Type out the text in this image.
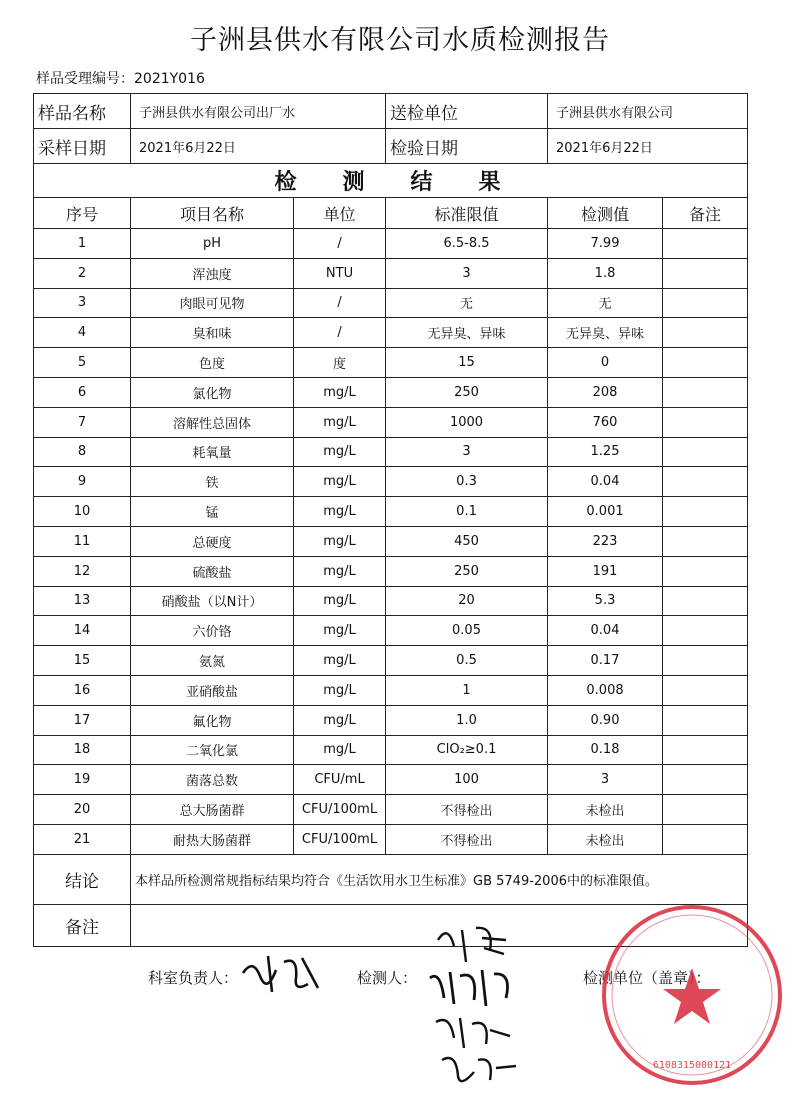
子洲县供水有限公司水质检测报告
样品受理编号：2021Y016
样品名称	子洲县供水有限公司出厂水		送检单位	子洲县供水有限公司	
采样日期	2021年6月22日		检验日期	2021年6月22日	
检测结果					
序号	项目名称	单位	标准限值	检测值	备注
1	pH	/	6.5-8.5	7.99	
2	浑浊度	NTU	3	1.8	
3	肉眼可见物	/	无	无	
4	臭和味	/	无异臭、异味	无异臭、异味	
5	色度	度	15	0	
6	氯化物	mg/L	250	208	
7	溶解性总固体	mg/L	1000	760	
8	耗氧量	mg/L	3	1.25	
9	铁	mg/L	0.3	0.04	
10	锰	mg/L	0.1	0.001	
11	总硬度	mg/L	450	223	
12	硫酸盐	mg/L	250	191	
13	硝酸盐（以N计）	mg/L	20	5.3	
14	六价铬	mg/L	0.05	0.04	
15	氨氮	mg/L	0.5	0.17	
16	亚硝酸盐	mg/L	1	0.008	
17	氟化物	mg/L	1.0	0.90	
18	二氧化氯	mg/L	ClO₂≥0.1	0.18	
19	菌落总数	CFU/mL	100	3	
20	总大肠菌群	CFU/100mL	不得检出	未检出	
21	耐热大肠菌群	CFU/100mL	不得检出	未检出	
结论	本样品所检测常规指标结果均符合《生活饮用水卫生标准》GB 5749-2006中的标准限值。				
备注					
科室负责人：	检测人：	检测单位（盖章）：
6108315000121
